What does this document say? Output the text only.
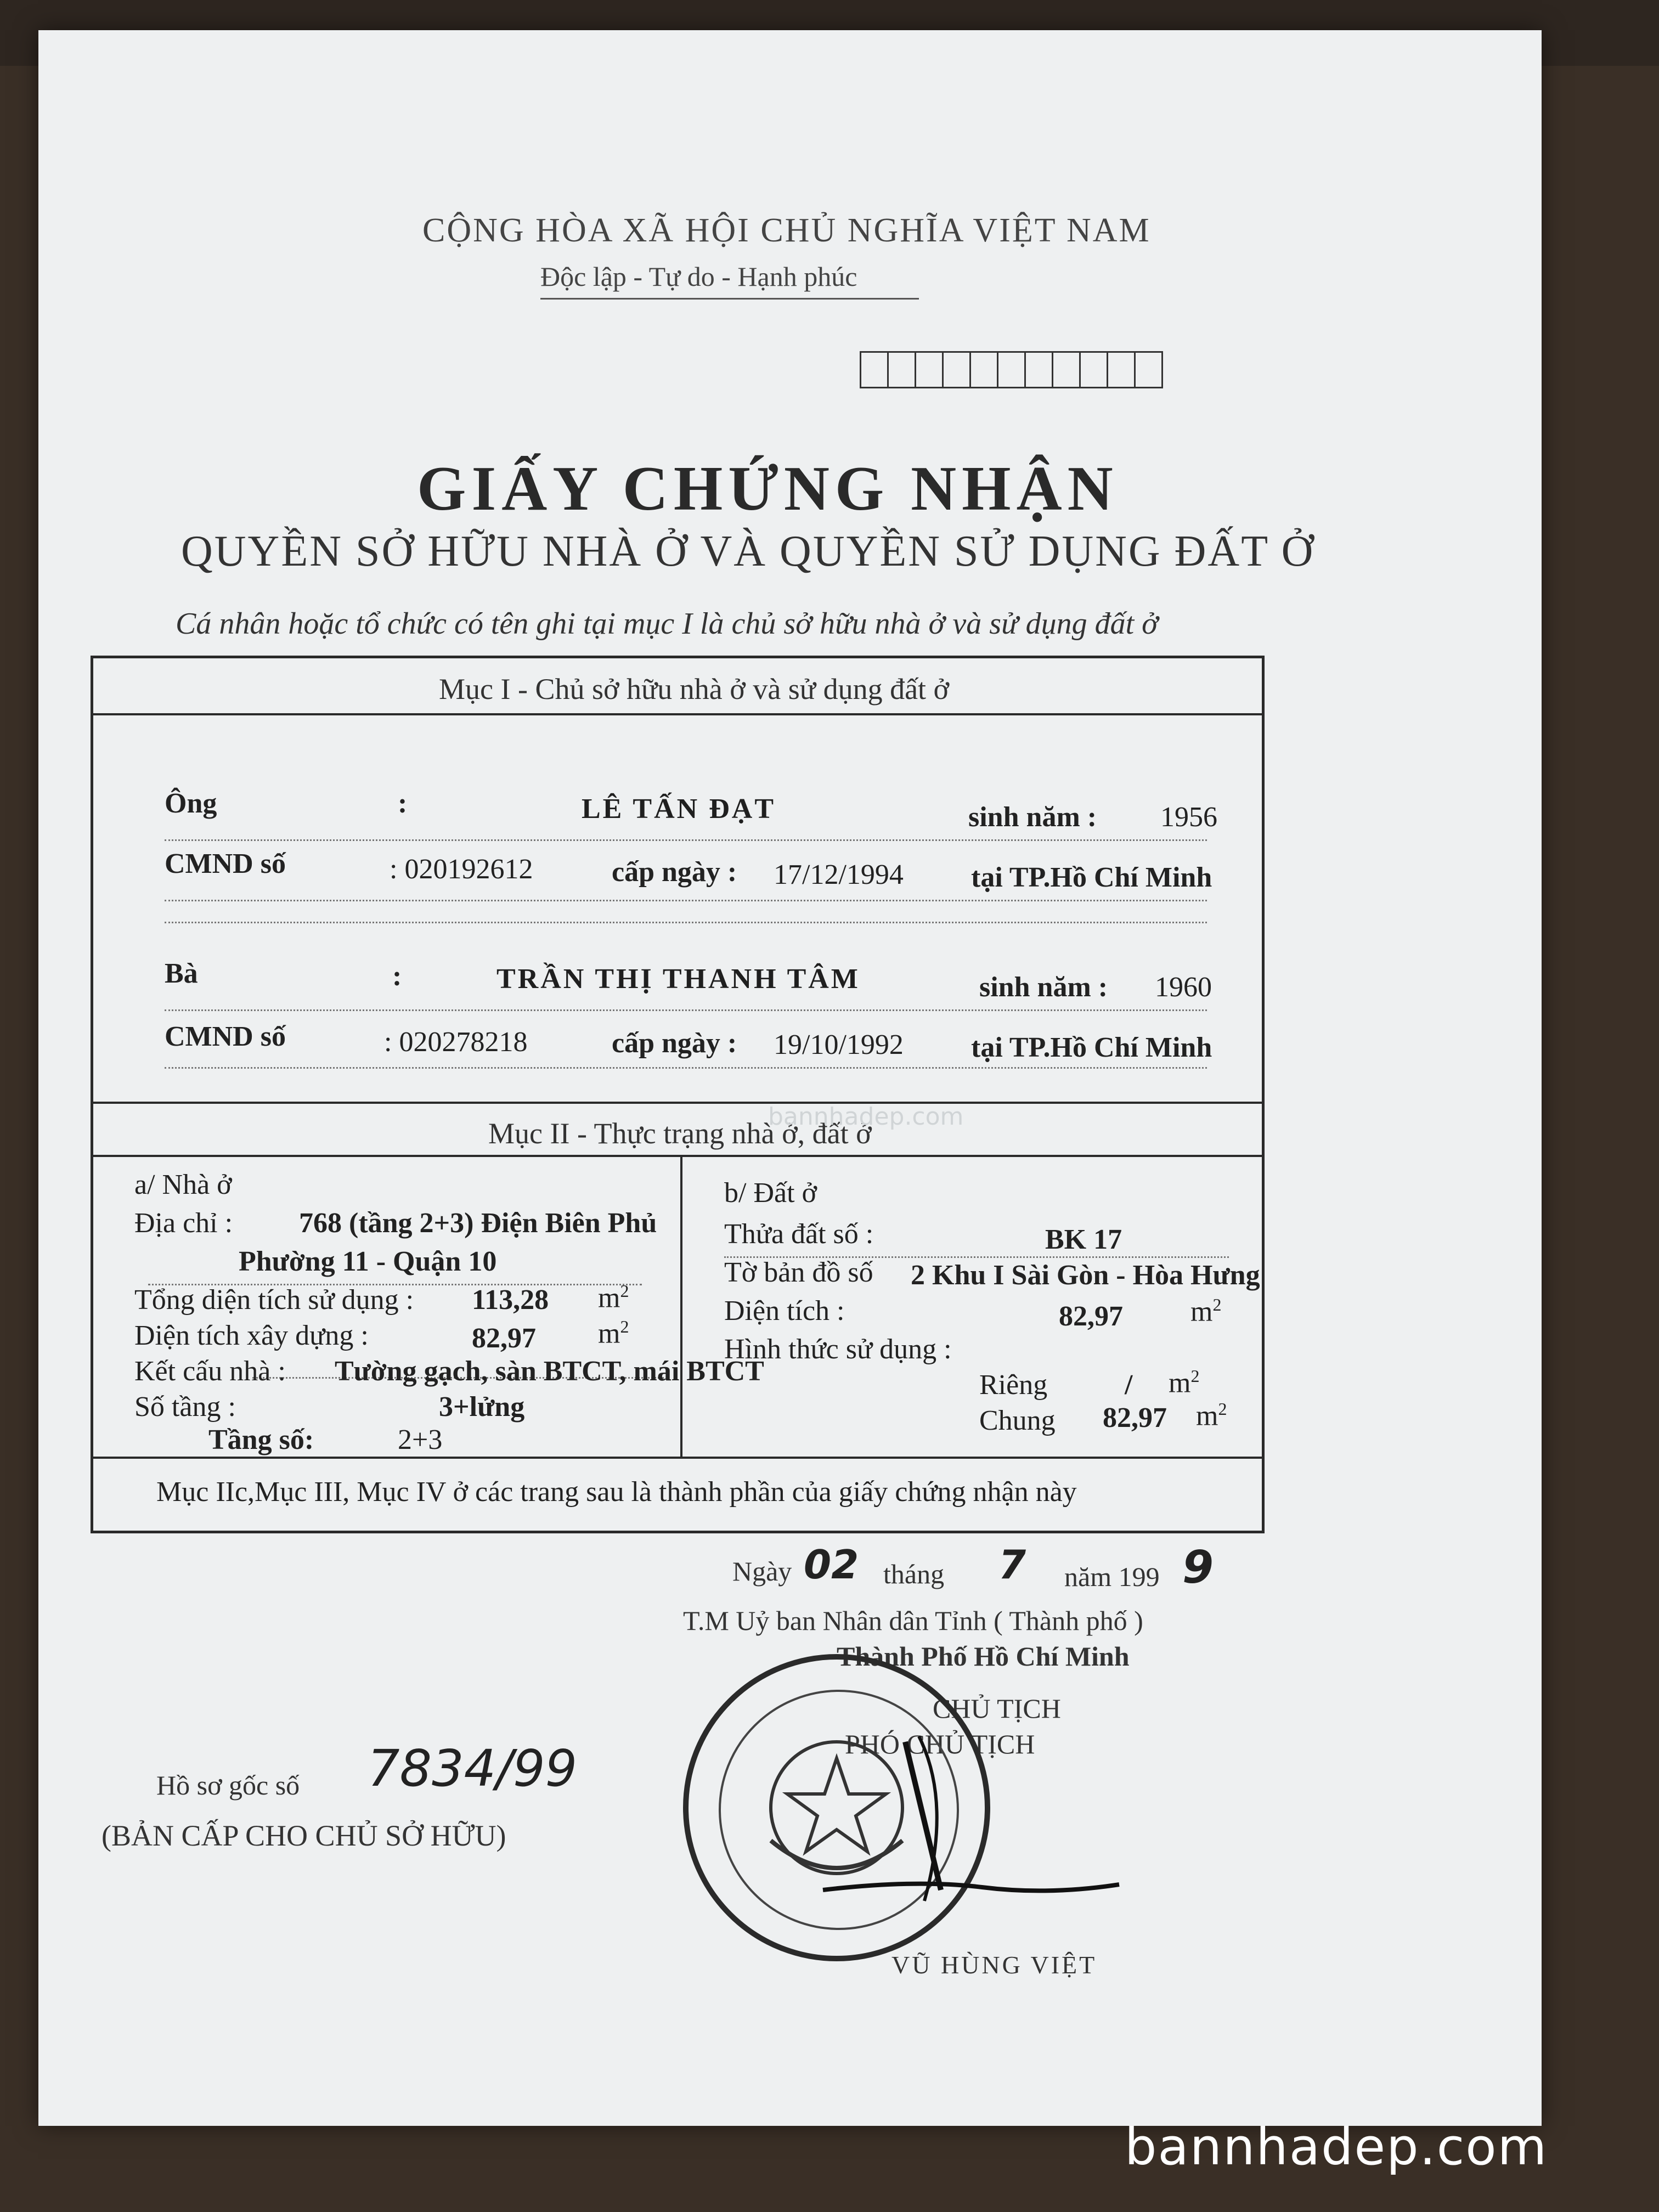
CỘNG HÒA XÃ HỘI CHỦ NGHĨA VIỆT NAM
Độc lập - Tự do - Hạnh phúc
GIẤY CHỨNG NHẬN
QUYỀN SỞ HỮU NHÀ Ở VÀ QUYỀN SỬ DỤNG ĐẤT Ở
Cá nhân hoặc tổ chức có tên ghi tại mục I là chủ sở hữu nhà ở và sử dụng đất ở
Mục I - Chủ sở hữu nhà ở và sử dụng đất ở
Ông	:	LÊ TẤN ĐẠT	sinh năm : 1956
CMND số	: 020192612	cấp ngày : 17/12/1994 tại TP.Hồ Chí Minh
Bà	:	TRẦN THỊ THANH TÂM	sinh năm : 1960
CMND số	: 020278218	cấp ngày : 19/10/1992 tại TP.Hồ Chí Minh
Mục II - Thực trạng nhà ở, đất ở
a/ Nhà ở
Địa chỉ : 768 (tầng 2+3) Điện Biên Phủ
Phường 11 - Quận 10
Tổng diện tích sử dụng : 113,28 $m^2$
Diện tích xây dựng :	82,97 $m^2$
Kết cấu nhà : Tường gạch, sàn BTCT, mái BTCT
Số tầng :	3+lửng
Tầng số:	2+3
b/ Đất ở
Thửa đất số :	BK 17
Tờ bản đồ số 2 Khu I Sài Gòn - Hòa Hưng
Diện tích :	82,97 $m^2$
Hình thức sử dụng :
Riêng	/ $m^2$
Chung 82,97 $m^2$
Mục IIc,Mục III, Mục IV ở các trang sau là thành phần của giấy chứng nhận này
bannhadep.com
Ngày 02 tháng 7 năm 199 9
T.M Uỷ ban Nhân dân Tỉnh ( Thành phố )
Thành Phố Hồ Chí Minh
CHỦ TỊCH
PHÓ CHỦ TỊCH
VŨ HÙNG VIỆT
Hồ sơ gốc số 7834/99
(BẢN CẤP CHO CHỦ SỞ HỮU)
bannhadep.com
